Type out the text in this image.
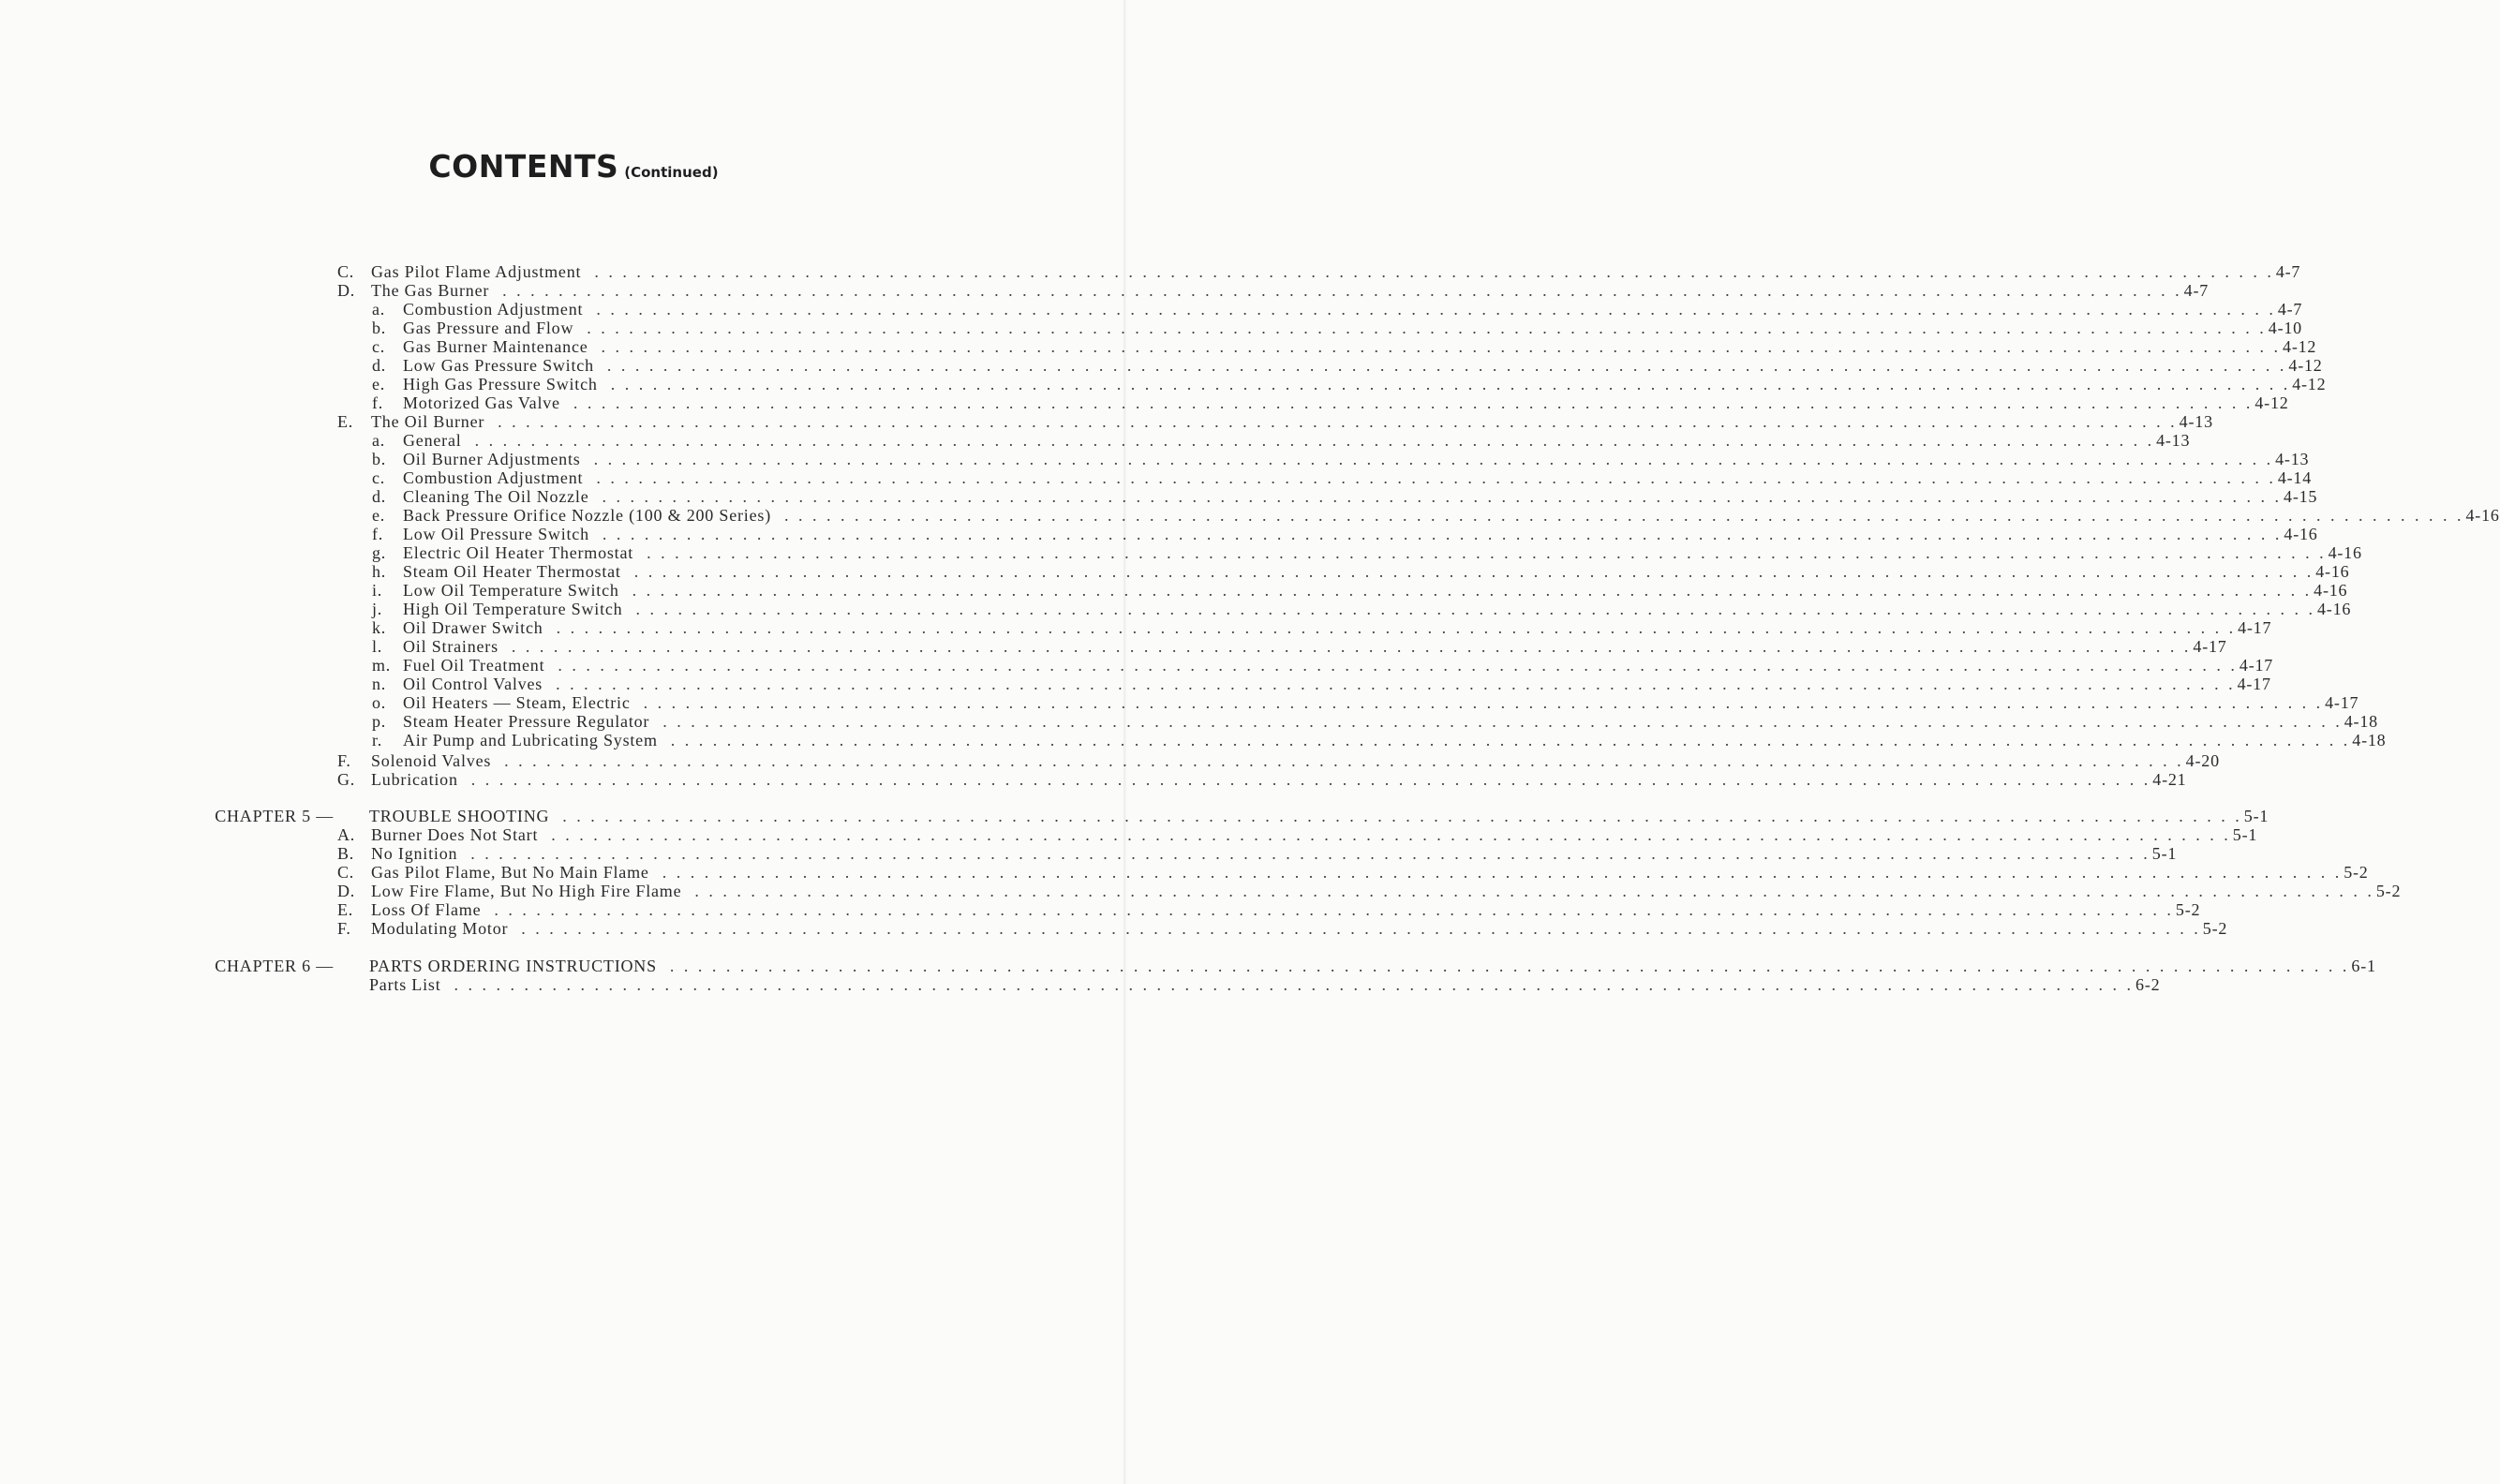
CONTENTS (Continued)
C. Gas Pilot Flame Adjustment . . . . . . . . . . . . . . . . . . . . . . . . . . . . . . . . . . . . . . . . . . . . . . . . . . . . . . . . . . . . . . . . . . . . . . . . . . . . . . . . . . . . . . . . . . . . . . . . . . . . . . . . . . . . . . . . . . . . . . . . 4-7
D. The Gas Burner . . . . . . . . . . . . . . . . . . . . . . . . . . . . . . . . . . . . . . . . . . . . . . . . . . . . . . . . . . . . . . . . . . . . . . . . . . . . . . . . . . . . . . . . . . . . . . . . . . . . . . . . . . . . . . . . . . . . . . . . 4-7
a.	Combustion Adjustment . . . . . . . . . . . . . . . . . . . . . . . . . . . . . . . . . . . . . . . . . . . . . . . . . . . . . . . . . . . . . . . . . . . . . . . . . . . . . . . . . . . . . . . . . . . . . . . . . . . . . . . . . . . . . . . . . . . . . . . . 4-7
b. Gas Pressure and Flow . . . . . . . . . . . . . . . . . . . . . . . . . . . . . . . . . . . . . . . . . . . . . . . . . . . . . . . . . . . . . . . . . . . . . . . . . . . . . . . . . . . . . . . . . . . . . . . . . . . . . . . . . . . . . . . . . . . . . . . . 4-10
c.	Gas Burner Maintenance . . . . . . . . . . . . . . . . . . . . . . . . . . . . . . . . . . . . . . . . . . . . . . . . . . . . . . . . . . . . . . . . . . . . . . . . . . . . . . . . . . . . . . . . . . . . . . . . . . . . . . . . . . . . . . . . . . . . . . . . 4-12
d. Low Gas Pressure Switch . . . . . . . . . . . . . . . . . . . . . . . . . . . . . . . . . . . . . . . . . . . . . . . . . . . . . . . . . . . . . . . . . . . . . . . . . . . . . . . . . . . . . . . . . . . . . . . . . . . . . . . . . . . . . . . . . . . . . . . . 4-12
e.	High Gas Pressure Switch . . . . . . . . . . . . . . . . . . . . . . . . . . . . . . . . . . . . . . . . . . . . . . . . . . . . . . . . . . . . . . . . . . . . . . . . . . . . . . . . . . . . . . . . . . . . . . . . . . . . . . . . . . . . . . . . . . . . . . . . 4-12
f.	Motorized Gas Valve . . . . . . . . . . . . . . . . . . . . . . . . . . . . . . . . . . . . . . . . . . . . . . . . . . . . . . . . . . . . . . . . . . . . . . . . . . . . . . . . . . . . . . . . . . . . . . . . . . . . . . . . . . . . . . . . . . . . . . . . 4-12
E.	The Oil Burner . . . . . . . . . . . . . . . . . . . . . . . . . . . . . . . . . . . . . . . . . . . . . . . . . . . . . . . . . . . . . . . . . . . . . . . . . . . . . . . . . . . . . . . . . . . . . . . . . . . . . . . . . . . . . . . . . . . . . . . . 4-13
a.	General . . . . . . . . . . . . . . . . . . . . . . . . . . . . . . . . . . . . . . . . . . . . . . . . . . . . . . . . . . . . . . . . . . . . . . . . . . . . . . . . . . . . . . . . . . . . . . . . . . . . . . . . . . . . . . . . . . . . . . . . 4-13
b. Oil Burner Adjustments . . . . . . . . . . . . . . . . . . . . . . . . . . . . . . . . . . . . . . . . . . . . . . . . . . . . . . . . . . . . . . . . . . . . . . . . . . . . . . . . . . . . . . . . . . . . . . . . . . . . . . . . . . . . . . . . . . . . . . . . 4-13
c.	Combustion Adjustment . . . . . . . . . . . . . . . . . . . . . . . . . . . . . . . . . . . . . . . . . . . . . . . . . . . . . . . . . . . . . . . . . . . . . . . . . . . . . . . . . . . . . . . . . . . . . . . . . . . . . . . . . . . . . . . . . . . . . . . . 4-14
d. Cleaning The Oil Nozzle . . . . . . . . . . . . . . . . . . . . . . . . . . . . . . . . . . . . . . . . . . . . . . . . . . . . . . . . . . . . . . . . . . . . . . . . . . . . . . . . . . . . . . . . . . . . . . . . . . . . . . . . . . . . . . . . . . . . . . . . 4-15
e.	Back Pressure Orifice Nozzle (100 & 200 Series) . . . . . . . . . . . . . . . . . . . . . . . . . . . . . . . . . . . . . . . . . . . . . . . . . . . . . . . . . . . . . . . . . . . . . . . . . . . . . . . . . . . . . . . . . . . . . . . . . . . . . . . . . . . . . . . . . . . . . . . . 4-16
f.	Low Oil Pressure Switch . . . . . . . . . . . . . . . . . . . . . . . . . . . . . . . . . . . . . . . . . . . . . . . . . . . . . . . . . . . . . . . . . . . . . . . . . . . . . . . . . . . . . . . . . . . . . . . . . . . . . . . . . . . . . . . . . . . . . . . . 4-16
g. Electric Oil Heater Thermostat . . . . . . . . . . . . . . . . . . . . . . . . . . . . . . . . . . . . . . . . . . . . . . . . . . . . . . . . . . . . . . . . . . . . . . . . . . . . . . . . . . . . . . . . . . . . . . . . . . . . . . . . . . . . . . . . . . . . . . . . 4-16
h. Steam Oil Heater Thermostat . . . . . . . . . . . . . . . . . . . . . . . . . . . . . . . . . . . . . . . . . . . . . . . . . . . . . . . . . . . . . . . . . . . . . . . . . . . . . . . . . . . . . . . . . . . . . . . . . . . . . . . . . . . . . . . . . . . . . . . . 4-16
i.	Low Oil Temperature Switch . . . . . . . . . . . . . . . . . . . . . . . . . . . . . . . . . . . . . . . . . . . . . . . . . . . . . . . . . . . . . . . . . . . . . . . . . . . . . . . . . . . . . . . . . . . . . . . . . . . . . . . . . . . . . . . . . . . . . . . . 4-16
j.	High Oil Temperature Switch . . . . . . . . . . . . . . . . . . . . . . . . . . . . . . . . . . . . . . . . . . . . . . . . . . . . . . . . . . . . . . . . . . . . . . . . . . . . . . . . . . . . . . . . . . . . . . . . . . . . . . . . . . . . . . . . . . . . . . . . 4-16
k. Oil Drawer Switch . . . . . . . . . . . . . . . . . . . . . . . . . . . . . . . . . . . . . . . . . . . . . . . . . . . . . . . . . . . . . . . . . . . . . . . . . . . . . . . . . . . . . . . . . . . . . . . . . . . . . . . . . . . . . . . . . . . . . . . . 4-17
l.	Oil Strainers . . . . . . . . . . . . . . . . . . . . . . . . . . . . . . . . . . . . . . . . . . . . . . . . . . . . . . . . . . . . . . . . . . . . . . . . . . . . . . . . . . . . . . . . . . . . . . . . . . . . . . . . . . . . . . . . . . . . . . . . 4-17
m. Fuel Oil Treatment . . . . . . . . . . . . . . . . . . . . . . . . . . . . . . . . . . . . . . . . . . . . . . . . . . . . . . . . . . . . . . . . . . . . . . . . . . . . . . . . . . . . . . . . . . . . . . . . . . . . . . . . . . . . . . . . . . . . . . . . 4-17
n. Oil Control Valves . . . . . . . . . . . . . . . . . . . . . . . . . . . . . . . . . . . . . . . . . . . . . . . . . . . . . . . . . . . . . . . . . . . . . . . . . . . . . . . . . . . . . . . . . . . . . . . . . . . . . . . . . . . . . . . . . . . . . . . . 4-17
o. Oil Heaters — Steam, Electric . . . . . . . . . . . . . . . . . . . . . . . . . . . . . . . . . . . . . . . . . . . . . . . . . . . . . . . . . . . . . . . . . . . . . . . . . . . . . . . . . . . . . . . . . . . . . . . . . . . . . . . . . . . . . . . . . . . . . . . . 4-17
p. Steam Heater Pressure Regulator . . . . . . . . . . . . . . . . . . . . . . . . . . . . . . . . . . . . . . . . . . . . . . . . . . . . . . . . . . . . . . . . . . . . . . . . . . . . . . . . . . . . . . . . . . . . . . . . . . . . . . . . . . . . . . . . . . . . . . . . 4-18
r.	Air Pump and Lubricating System . . . . . . . . . . . . . . . . . . . . . . . . . . . . . . . . . . . . . . . . . . . . . . . . . . . . . . . . . . . . . . . . . . . . . . . . . . . . . . . . . . . . . . . . . . . . . . . . . . . . . . . . . . . . . . . . . . . . . . . . 4-18
F.	Solenoid Valves . . . . . . . . . . . . . . . . . . . . . . . . . . . . . . . . . . . . . . . . . . . . . . . . . . . . . . . . . . . . . . . . . . . . . . . . . . . . . . . . . . . . . . . . . . . . . . . . . . . . . . . . . . . . . . . . . . . . . . . . 4-20
G. Lubrication . . . . . . . . . . . . . . . . . . . . . . . . . . . . . . . . . . . . . . . . . . . . . . . . . . . . . . . . . . . . . . . . . . . . . . . . . . . . . . . . . . . . . . . . . . . . . . . . . . . . . . . . . . . . . . . . . . . . . . . . 4-21
CHAPTER 5 — TROUBLE SHOOTING . . . . . . . . . . . . . . . . . . . . . . . . . . . . . . . . . . . . . . . . . . . . . . . . . . . . . . . . . . . . . . . . . . . . . . . . . . . . . . . . . . . . . . . . . . . . . . . . . . . . . . . . . . . . . . . . . . . . . . . . 5-1
A. Burner Does Not Start . . . . . . . . . . . . . . . . . . . . . . . . . . . . . . . . . . . . . . . . . . . . . . . . . . . . . . . . . . . . . . . . . . . . . . . . . . . . . . . . . . . . . . . . . . . . . . . . . . . . . . . . . . . . . . . . . . . . . . . . 5-1
B. No Ignition . . . . . . . . . . . . . . . . . . . . . . . . . . . . . . . . . . . . . . . . . . . . . . . . . . . . . . . . . . . . . . . . . . . . . . . . . . . . . . . . . . . . . . . . . . . . . . . . . . . . . . . . . . . . . . . . . . . . . . . . 5-1
C. Gas Pilot Flame, But No Main Flame . . . . . . . . . . . . . . . . . . . . . . . . . . . . . . . . . . . . . . . . . . . . . . . . . . . . . . . . . . . . . . . . . . . . . . . . . . . . . . . . . . . . . . . . . . . . . . . . . . . . . . . . . . . . . . . . . . . . . . . . 5-2
D. Low Fire Flame, But No High Fire Flame . . . . . . . . . . . . . . . . . . . . . . . . . . . . . . . . . . . . . . . . . . . . . . . . . . . . . . . . . . . . . . . . . . . . . . . . . . . . . . . . . . . . . . . . . . . . . . . . . . . . . . . . . . . . . . . . . . . . . . . . 5-2
E.	Loss Of Flame . . . . . . . . . . . . . . . . . . . . . . . . . . . . . . . . . . . . . . . . . . . . . . . . . . . . . . . . . . . . . . . . . . . . . . . . . . . . . . . . . . . . . . . . . . . . . . . . . . . . . . . . . . . . . . . . . . . . . . . . 5-2
F.	Modulating Motor . . . . . . . . . . . . . . . . . . . . . . . . . . . . . . . . . . . . . . . . . . . . . . . . . . . . . . . . . . . . . . . . . . . . . . . . . . . . . . . . . . . . . . . . . . . . . . . . . . . . . . . . . . . . . . . . . . . . . . . . 5-2
CHAPTER 6 — PARTS ORDERING INSTRUCTIONS . . . . . . . . . . . . . . . . . . . . . . . . . . . . . . . . . . . . . . . . . . . . . . . . . . . . . . . . . . . . . . . . . . . . . . . . . . . . . . . . . . . . . . . . . . . . . . . . . . . . . . . . . . . . . . . . . . . . . . . . 6-1
Parts List . . . . . . . . . . . . . . . . . . . . . . . . . . . . . . . . . . . . . . . . . . . . . . . . . . . . . . . . . . . . . . . . . . . . . . . . . . . . . . . . . . . . . . . . . . . . . . . . . . . . . . . . . . . . . . . . . . . . . . . . 6-2
